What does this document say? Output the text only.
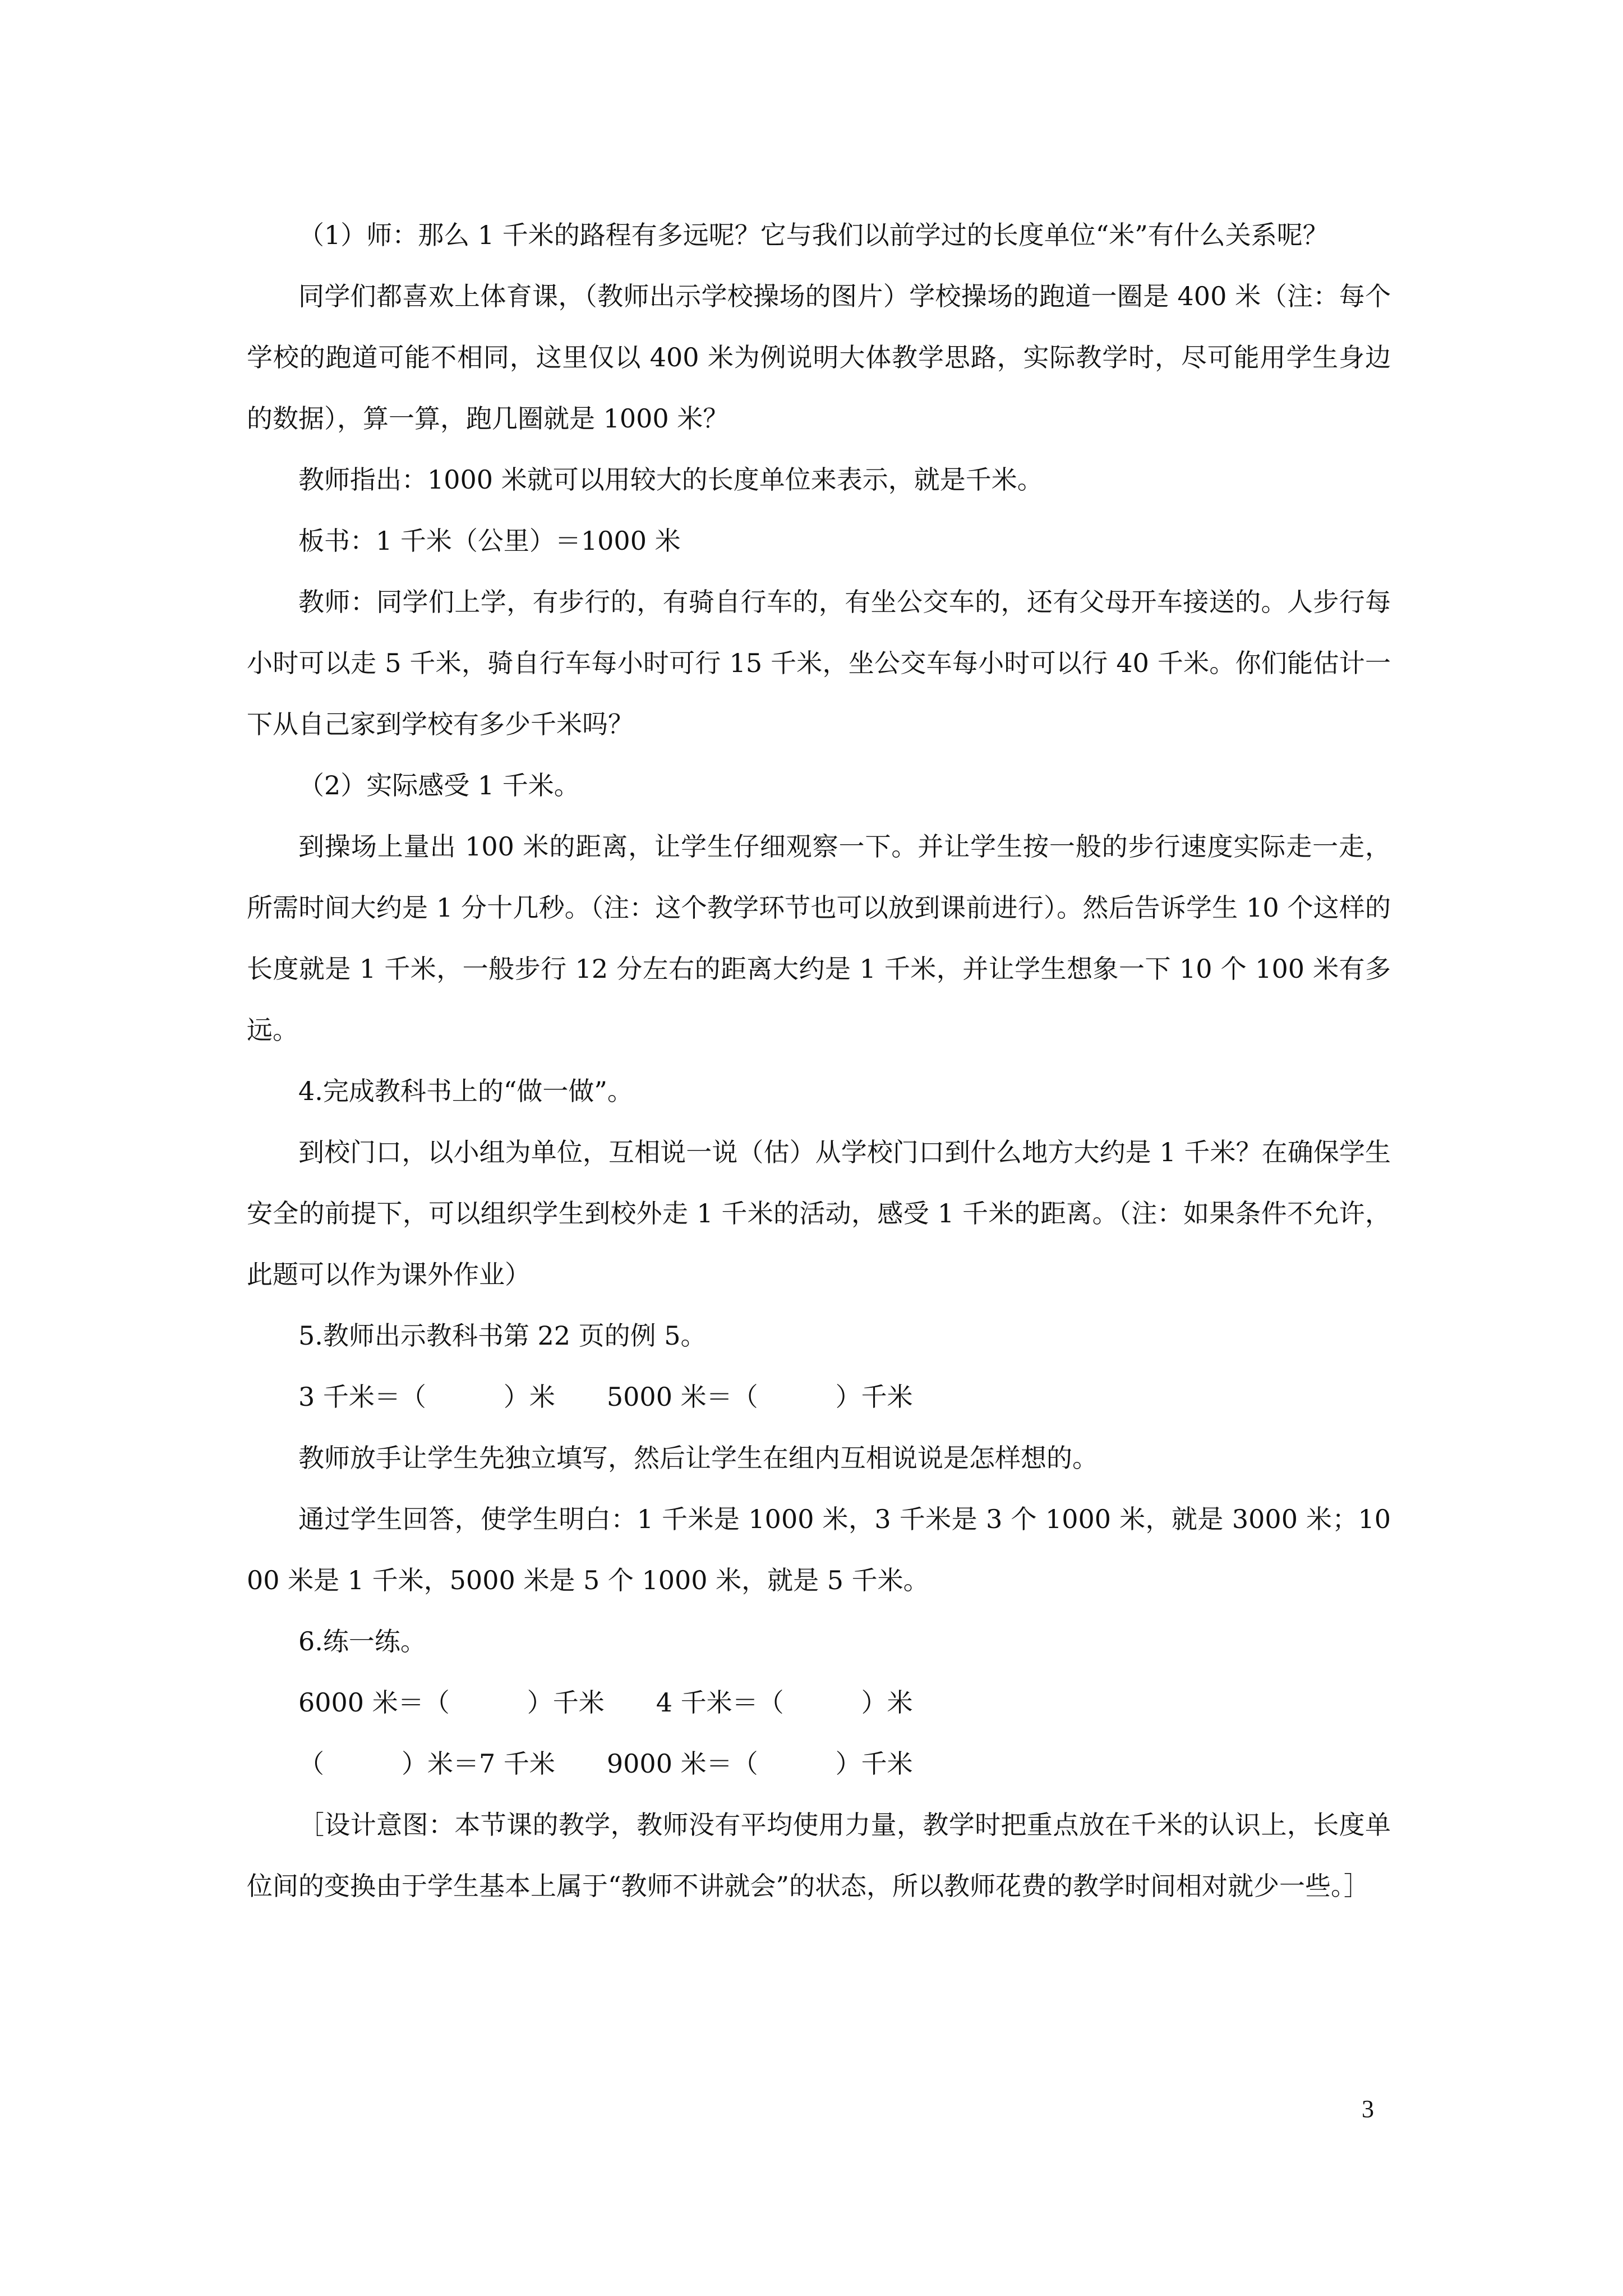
（1）师：那么 1 千米的路程有多远呢？它与我们以前学过的长度单位“米”有什么关系呢？

同学们都喜欢上体育课，（教师出示学校操场的图片）学校操场的跑道一圈是 400 米（注：每个学校的跑道可能不相同，这里仅以 400 米为例说明大体教学思路，实际教学时，尽可能用学生身边的数据），算一算，跑几圈就是 1000 米？

教师指出：1000 米就可以用较大的长度单位来表示，就是千米。

板书：1 千米（公里）＝1000 米

教师：同学们上学，有步行的，有骑自行车的，有坐公交车的，还有父母开车接送的。人步行每小时可以走 5 千米，骑自行车每小时可行 15 千米，坐公交车每小时可以行 40 千米。你们能估计一下从自己家到学校有多少千米吗？

（2）实际感受 1 千米。

到操场上量出 100 米的距离，让学生仔细观察一下。并让学生按一般的步行速度实际走一走，所需时间大约是 1 分十几秒。（注：这个教学环节也可以放到课前进行）。然后告诉学生 10 个这样的长度就是 1 千米，一般步行 12 分左右的距离大约是 1 千米，并让学生想象一下 10 个 100 米有多远。

4.完成教科书上的“做一做”。

到校门口，以小组为单位，互相说一说（估）从学校门口到什么地方大约是 1 千米？在确保学生安全的前提下，可以组织学生到校外走 1 千米的活动，感受 1 千米的距离。（注：如果条件不允许，此题可以作为课外作业）

5.教师出示教科书第 22 页的例 5。

3 千米＝（　　　）米　　5000 米＝（　　　）千米

教师放手让学生先独立填写，然后让学生在组内互相说说是怎样想的。

通过学生回答，使学生明白：1 千米是 1000 米，3 千米是 3 个 1000 米，就是 3000 米；1000 米是 1 千米，5000 米是 5 个 1000 米，就是 5 千米。

6.练一练。

6000 米＝（　　　）千米　　4 千米＝（　　　）米

（　　　）米＝7 千米　　9000 米＝（　　　）千米

［设计意图：本节课的教学，教师没有平均使用力量，教学时把重点放在千米的认识上，长度单位间的变换由于学生基本上属于“教师不讲就会”的状态，所以教师花费的教学时间相对就少一些。］

3
